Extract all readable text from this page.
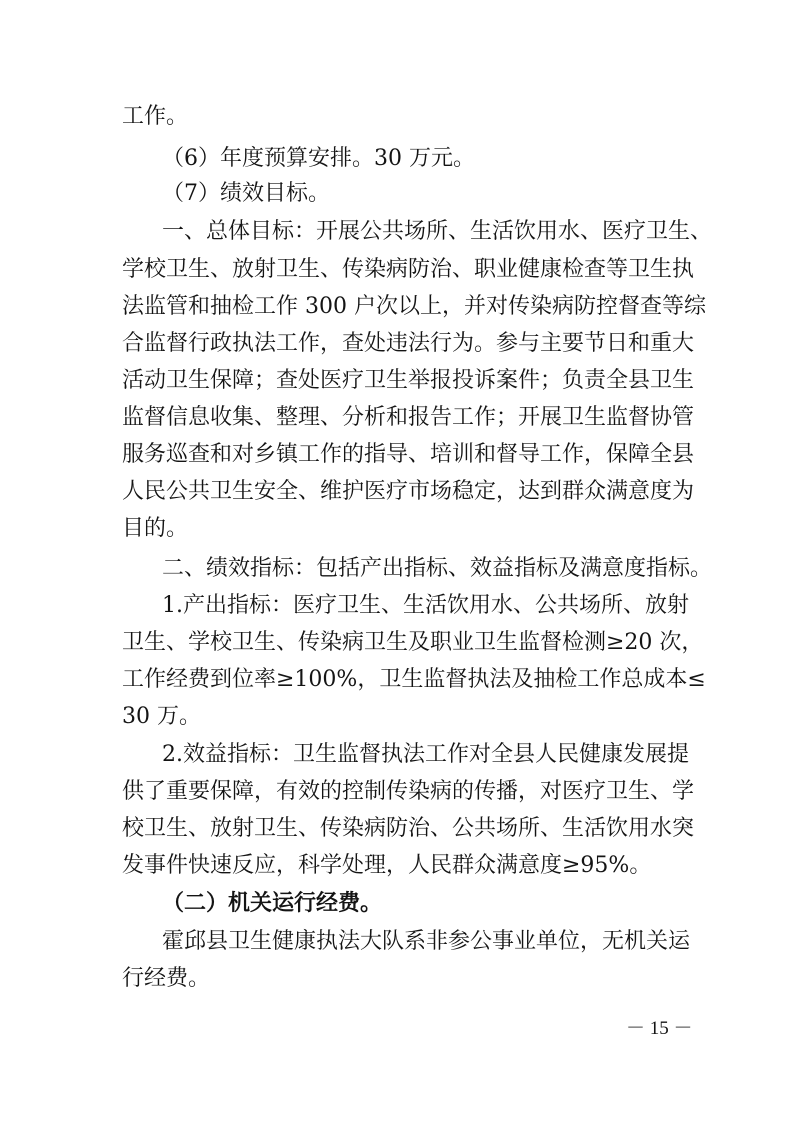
工作。
（6）年度预算安排。30 万元。
（7）绩效目标。
一、总体目标：开展公共场所、生活饮用水、医疗卫生、
学校卫生、放射卫生、传染病防治、职业健康检查等卫生执
法监管和抽检工作 300 户次以上，并对传染病防控督查等综
合监督行政执法工作，查处违法行为。参与主要节日和重大
活动卫生保障；查处医疗卫生举报投诉案件；负责全县卫生
监督信息收集、整理、分析和报告工作；开展卫生监督协管
服务巡查和对乡镇工作的指导、培训和督导工作，保障全县
人民公共卫生安全、维护医疗市场稳定，达到群众满意度为
目的。
二、绩效指标：包括产出指标、效益指标及满意度指标。
1.产出指标：医疗卫生、生活饮用水、公共场所、放射
卫生、学校卫生、传染病卫生及职业卫生监督检测≥20 次，
工作经费到位率≥100%，卫生监督执法及抽检工作总成本≤
30 万。
2.效益指标：卫生监督执法工作对全县人民健康发展提
供了重要保障，有效的控制传染病的传播，对医疗卫生、学
校卫生、放射卫生、传染病防治、公共场所、生活饮用水突
发事件快速反应，科学处理，人民群众满意度≥95%。
（二）机关运行经费。
霍邱县卫生健康执法大队系非参公事业单位，无机关运
行经费。
－ 15 －
